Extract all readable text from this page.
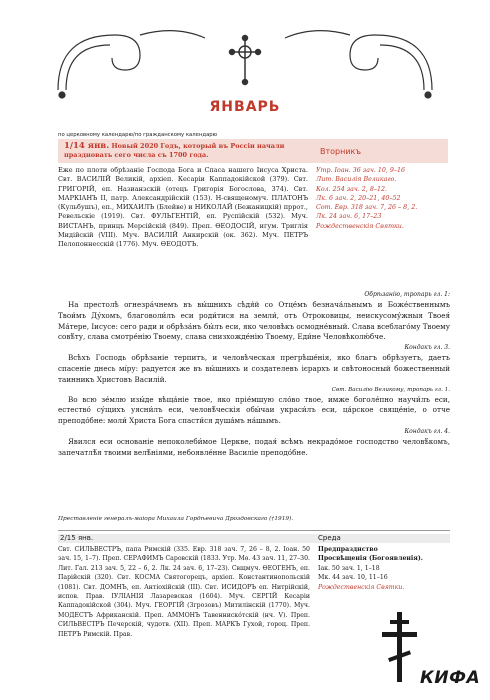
ЯНВАРЬ
по церковному календарю/по гражданскому календарю
1/14 янв. Новый 2020 Годъ, который въ Россіи начали праздновать сего числа съ 1700 года.	Вторникъ
Еже по плоти обрѣзаніе Господа Бога и Спаса нашего Іисуса Христа. Свт. ВАСИЛІЙ Великій, архіеп. Кесаріи Каппадокійской (379). Свт. ГРИГОРІЙ, еп. Назианзскій (отецъ Григорія Богослова, 374). Свт. МАРКІАНЪ II, патр. Александрійскій (153). Н-священомуч. ПЛАТОНЪ (Кульбушъ), еп., МИХАИЛЪ (Блейве) и НИКОЛАЙ (Бежаницкій) пррот., Ревельскіе (1919). Свт. ФУЛЬГЕНТІЙ, еп. Руспійскій (532). Муч. ВИСТАНЪ, принцъ Мерсійскій (849). Преп. ѲЕОДОСІЙ, игум. Триглія Мидійскій (VIII). Муч. ВАСИЛІЙ Анкирскій (ок. 362). Муч. ПЕТРЪ Пелопоннесскій (1776). Муч. ѲЕОДОТЪ.
Утр. Іоан. 36 зач. 10, 9–16
Лит. Василія Великаго.
Кол. 254 зач. 2, 8–12.
Лк. 6 зач. 2, 20–21, 40–52
Сот. Евр. 318 зач. 7, 26 – 8, 2.
Лк. 24 зач. 6, 17–23
Рождественскія Святки.
Обрѣзанію, тропарь гл. 1:

На престолѣ огнезра́чнемъ въ вы́шнихъ сѣдя́й со Отце́мъ безнача́льнымъ и Боже́ственнымъ Твои́мъ Ду́хомъ, благоволи́лъ еси роди́тися на земли́, отъ Отроковицы, неискусому́жныя Твоея́ Ма́тере, Іисусе: сего ради и обрѣза́нъ бы́лъ еси, яко человѣкъ осмодне́вный. Слава всеблаго́му Твоему совѣ́ту, слава смотре́нію Твоему, слава снизхожде́нію Твоему, Еди́не Человѣколю́бче.

Кондакъ гл. 3.

Всѣхъ Господь обрѣзаніе терпитъ, и человѣческая прегрѣше́нія, яко благъ обрѣзуетъ, даетъ спасеніе днесь мíру: радуется же въ вы́шнихъ и создателевъ ієрархъ и свѣтоносный божественный таинникъ Христовъ Василій.

Свт. Василію Великому, тропарь гл. 1.

Во всю зе́млю изы́де вѣща́ніе твое, яко прiе́мшую сло́во твое, имже боголе́пно научи́лъ еси, естество́ су́щихъ уясни́лъ еси, человѣ́ческія обы́чаи украси́лъ еси, ца́рское свяще́ніе, о отче преподо́бне: моли́ Христа Бога спасти́ся душа́мъ на́шымъ.

Кондакъ гл. 4.

Явился еси основаніе непоколеби́мое Церкве, подая́ всѣмъ некрадо́мое господство человѣ́комъ, запечатлѣ́я твоими велѣ́ніями, небоявле́нне Василіе преподо́бне.

Преставленіе генералъ-маіора Михаила Гордѣевича Дроздовскаго (†1919).
2/15 янв.	Среда
Свт. СИЛЬВЕСТРЪ, папа Римскій (335. Евр. 318 зач. 7, 26 – 8, 2. Іоан. 50 зач. 15, 1–7). Преп. СЕРАФИМЪ Саровскій (1833. Утр. Мѳ. 43 зач. 11, 27–30. Лит. Гал. 213 зач. 5, 22 – 6, 2. Лк. 24 зач. 6, 17–23). Свщмуч. ѲЕОГЕНЪ, еп. Парійскій (320). Свт. КОСМА Святогорецъ, архіеп. Константинопольскій (1081). Свт. ДОМНЪ, еп. Антіохійскій (III). Свт. ИСИДОРЪ еп. Нитрійскій, испов. Прав. ІУЛІАНІЯ Лазаревская (1604). Муч. СЕРГІЙ Кесаріи Каппадокійской (304). Муч. ГЕОРГІЙ (Згрозовъ) Митилінскій (1770). Муч. МОДЕСТЪ Африканскій. Преп. АММОНЪ Тавенниско́тскій (нч. V). Преп. СИЛЬВЕСТРЪ Печерскій, чудотв. (XII). Преп. МАРКЪ Гухой, гороц. Преп. ПЕТРЪ Римскій. Прав.
Предпразднство
Просвѣщенія (Богоявленія).
Іак. 50 зач. 1, 1–18
Мк. 44 зач. 10, 11–16
Рождественскія Святки.
КИФА
